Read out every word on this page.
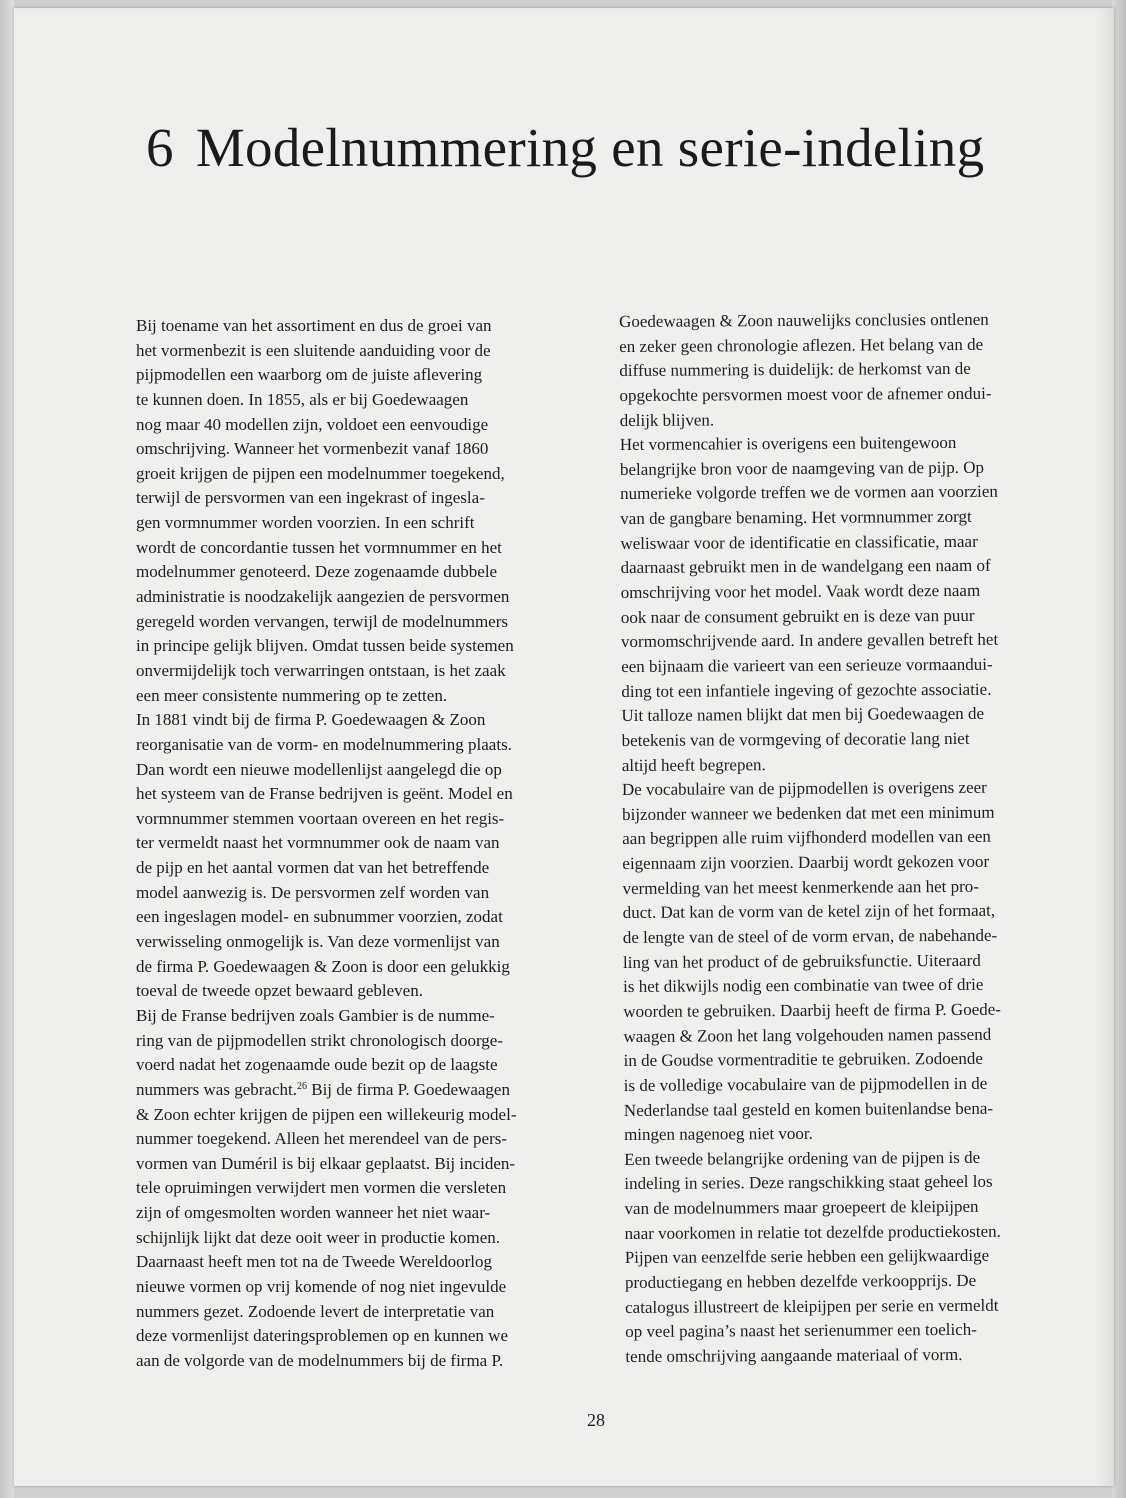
6 Modelnummering en serie-indeling
Bij toename van het assortiment en dus de groei van
het vormenbezit is een sluitende aanduiding voor de
pijpmodellen een waarborg om de juiste aflevering
te kunnen doen. In 1855, als er bij Goedewaagen
nog maar 40 modellen zijn, voldoet een eenvoudige
omschrijving. Wanneer het vormenbezit vanaf 1860
groeit krijgen de pijpen een modelnummer toegekend,
terwijl de persvormen van een ingekrast of ingesla-
gen vormnummer worden voorzien. In een schrift
wordt de concordantie tussen het vormnummer en het
modelnummer genoteerd. Deze zogenaamde dubbele
administratie is noodzakelijk aangezien de persvormen
geregeld worden vervangen, terwijl de modelnummers
in principe gelijk blijven. Omdat tussen beide systemen
onvermijdelijk toch verwarringen ontstaan, is het zaak
een meer consistente nummering op te zetten.
In 1881 vindt bij de firma P. Goedewaagen & Zoon
reorganisatie van de vorm- en modelnummering plaats.
Dan wordt een nieuwe modellenlijst aangelegd die op
het systeem van de Franse bedrijven is geënt. Model en
vormnummer stemmen voortaan overeen en het regis-
ter vermeldt naast het vormnummer ook de naam van
de pijp en het aantal vormen dat van het betreffende
model aanwezig is. De persvormen zelf worden van
een ingeslagen model- en subnummer voorzien, zodat
verwisseling onmogelijk is. Van deze vormenlijst van
de firma P. Goedewaagen & Zoon is door een gelukkig
toeval de tweede opzet bewaard gebleven.
Bij de Franse bedrijven zoals Gambier is de numme-
ring van de pijpmodellen strikt chronologisch doorge-
voerd nadat het zogenaamde oude bezit op de laagste
nummers was gebracht.$^{26}$ Bij de firma P. Goedewaagen
& Zoon echter krijgen de pijpen een willekeurig model-
nummer toegekend. Alleen het merendeel van de pers-
vormen van Duméril is bij elkaar geplaatst. Bij inciden-
tele opruimingen verwijdert men vormen die versleten
zijn of omgesmolten worden wanneer het niet waar-
schijnlijk lijkt dat deze ooit weer in productie komen.
Daarnaast heeft men tot na de Tweede Wereldoorlog
nieuwe vormen op vrij komende of nog niet ingevulde
nummers gezet. Zodoende levert de interpretatie van
deze vormenlijst dateringsproblemen op en kunnen we
aan de volgorde van de modelnummers bij de firma P.
Goedewaagen & Zoon nauwelijks conclusies ontlenen
en zeker geen chronologie aflezen. Het belang van de
diffuse nummering is duidelijk: de herkomst van de
opgekochte persvormen moest voor de afnemer ondui-
delijk blijven.
Het vormencahier is overigens een buitengewoon
belangrijke bron voor de naamgeving van de pijp. Op
numerieke volgorde treffen we de vormen aan voorzien
van de gangbare benaming. Het vormnummer zorgt
weliswaar voor de identificatie en classificatie, maar
daarnaast gebruikt men in de wandelgang een naam of
omschrijving voor het model. Vaak wordt deze naam
ook naar de consument gebruikt en is deze van puur
vormomschrijvende aard. In andere gevallen betreft het
een bijnaam die varieert van een serieuze vormaandui-
ding tot een infantiele ingeving of gezochte associatie.
Uit talloze namen blijkt dat men bij Goedewaagen de
betekenis van de vormgeving of decoratie lang niet
altijd heeft begrepen.
De vocabulaire van de pijpmodellen is overigens zeer
bijzonder wanneer we bedenken dat met een minimum
aan begrippen alle ruim vijfhonderd modellen van een
eigennaam zijn voorzien. Daarbij wordt gekozen voor
vermelding van het meest kenmerkende aan het pro-
duct. Dat kan de vorm van de ketel zijn of het formaat,
de lengte van de steel of de vorm ervan, de nabehande-
ling van het product of de gebruiksfunctie. Uiteraard
is het dikwijls nodig een combinatie van twee of drie
woorden te gebruiken. Daarbij heeft de firma P. Goede-
waagen & Zoon het lang volgehouden namen passend
in de Goudse vormentraditie te gebruiken. Zodoende
is de volledige vocabulaire van de pijpmodellen in de
Nederlandse taal gesteld en komen buitenlandse bena-
mingen nagenoeg niet voor.
Een tweede belangrijke ordening van de pijpen is de
indeling in series. Deze rangschikking staat geheel los
van de modelnummers maar groepeert de kleipijpen
naar voorkomen in relatie tot dezelfde productiekosten.
Pijpen van eenzelfde serie hebben een gelijkwaardige
productiegang en hebben dezelfde verkoopprijs. De
catalogus illustreert de kleipijpen per serie en vermeldt
op veel pagina’s naast het serienummer een toelich-
tende omschrijving aangaande materiaal of vorm.
28
